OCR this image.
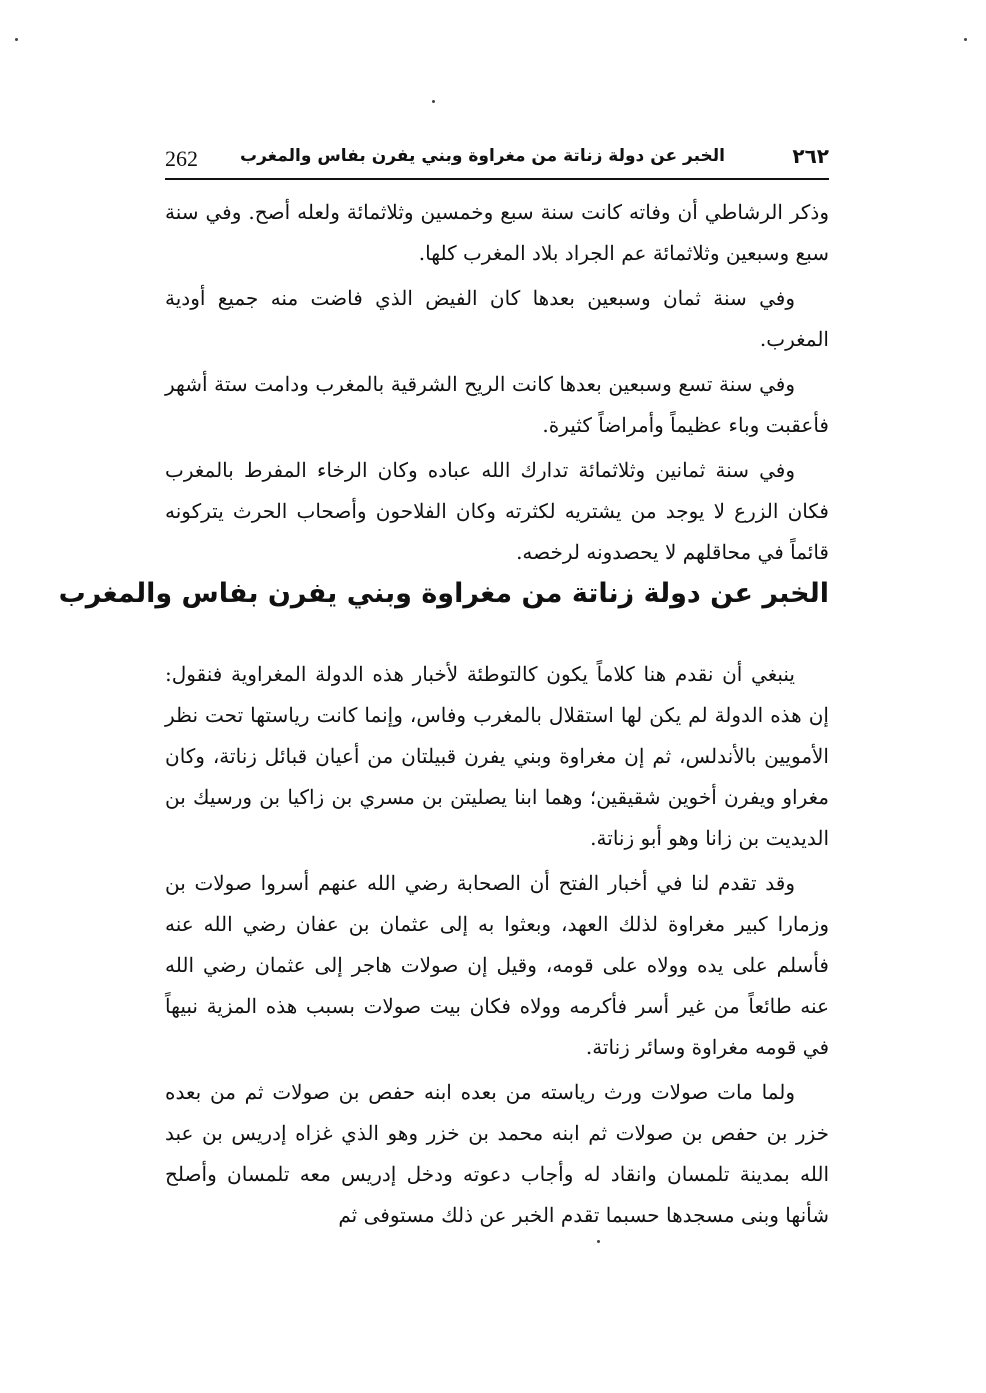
262 الخبر عن دولة زناتة من مغراوة وبني يفرن بفاس والمغرب	٢٦٢

وذكر الرشاطي أن وفاته كانت سنة سبع وخمسين وثلاثمائة ولعله أصح. وفي سنة سبع وسبعين وثلاثمائة عم الجراد بلاد المغرب كلها.

وفي سنة ثمان وسبعين بعدها كان الفيض الذي فاضت منه جميع أودية المغرب.

وفي سنة تسع وسبعين بعدها كانت الريح الشرقية بالمغرب ودامت ستة أشهر فأعقبت وباء عظيماً وأمراضاً كثيرة.

وفي سنة ثمانين وثلاثمائة تدارك الله عباده وكان الرخاء المفرط بالمغرب فكان الزرع لا يوجد من يشتريه لكثرته وكان الفلاحون وأصحاب الحرث يتركونه قائماً في محاقلهم لا يحصدونه لرخصه.

الخبر عن دولة زناتة من مغراوة وبني يفرن بفاس والمغرب

ينبغي أن نقدم هنا كلاماً يكون كالتوطئة لأخبار هذه الدولة المغراوية فنقول: إن هذه الدولة لم يكن لها استقلال بالمغرب وفاس، وإنما كانت رياستها تحت نظر الأمويين بالأندلس، ثم إن مغراوة وبني يفرن قبيلتان من أعيان قبائل زناتة، وكان مغراو ويفرن أخوين شقيقين؛ وهما ابنا يصليتن بن مسري بن زاكيا بن ورسيك بن الديديت بن زانا وهو أبو زناتة.

وقد تقدم لنا في أخبار الفتح أن الصحابة رضي الله عنهم أسروا صولات بن وزمارا كبير مغراوة لذلك العهد، وبعثوا به إلى عثمان بن عفان رضي الله عنه فأسلم على يده وولاه على قومه، وقيل إن صولات هاجر إلى عثمان رضي الله عنه طائعاً من غير أسر فأكرمه وولاه فكان بيت صولات بسبب هذه المزية نبيهاً في قومه مغراوة وسائر زناتة.

ولما مات صولات ورث رياسته من بعده ابنه حفص بن صولات ثم من بعده خزر بن حفص بن صولات ثم ابنه محمد بن خزر وهو الذي غزاه إدريس بن عبد الله بمدينة تلمسان وانقاد له وأجاب دعوته ودخل إدريس معه تلمسان وأصلح شأنها وبنى مسجدها حسبما تقدم الخبر عن ذلك مستوفى ثم
